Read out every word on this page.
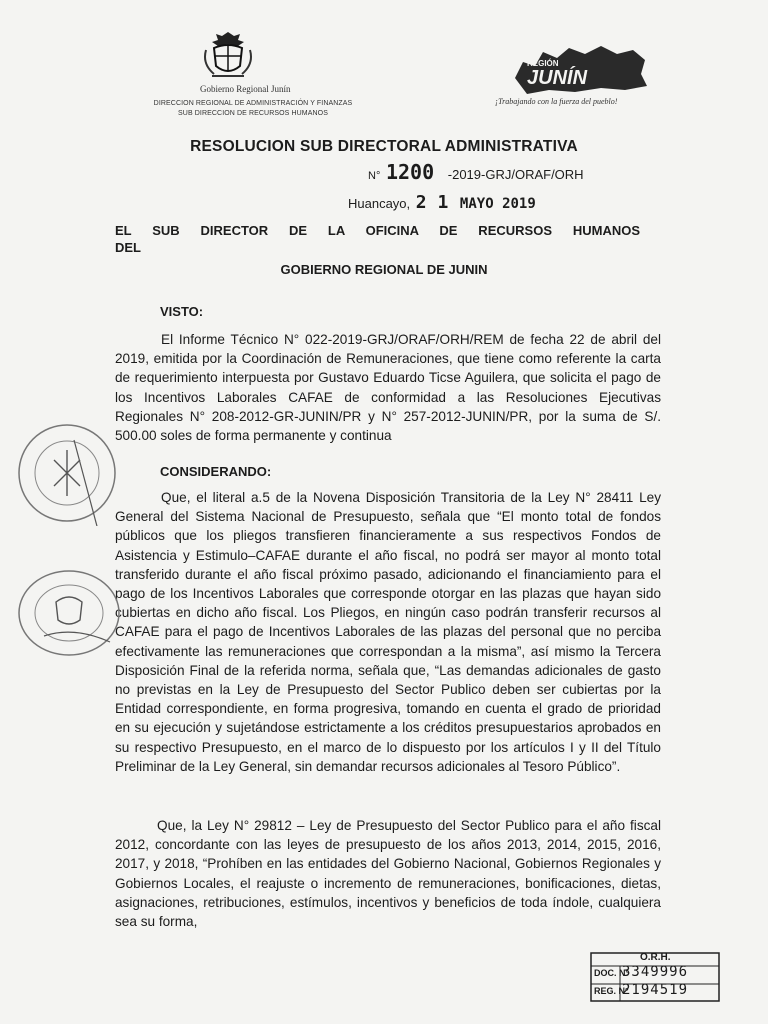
Gobierno Regional Junín
DIRECCION REGIONAL DE ADMINISTRACIÓN Y FINANZAS
SUB DIRECCION DE RECURSOS HUMANOS
REGIÓN
JUNÍN
¡Trabajando con la fuerza del pueblo!
RESOLUCION SUB DIRECTORAL ADMINISTRATIVA
N° 1200 -2019-GRJ/ORAF/ORH
Huancayo, 2 1 MAYO 2019
EL SUB DIRECTOR DE LA OFICINA DE RECURSOS HUMANOS
DEL
GOBIERNO REGIONAL DE JUNIN
VISTO:
El Informe Técnico N° 022-2019-GRJ/ORAF/ORH/REM de fecha 22 de abril del 2019, emitida por la Coordinación de Remuneraciones, que tiene como referente la carta de requerimiento interpuesta por Gustavo Eduardo Ticse Aguilera, que solicita el pago de los Incentivos Laborales CAFAE de conformidad a las Resoluciones Ejecutivas Regionales N° 208-2012-GR-JUNIN/PR y N° 257-2012-JUNIN/PR, por la suma de S/. 500.00 soles de forma permanente y continua
CONSIDERANDO:
Que, el literal a.5 de la Novena Disposición Transitoria de la Ley N° 28411 Ley General del Sistema Nacional de Presupuesto, señala que “El monto total de fondos públicos que los pliegos transfieren financieramente a sus respectivos Fondos de Asistencia y Estimulo–CAFAE durante el año fiscal, no podrá ser mayor al monto total transferido durante el año fiscal próximo pasado, adicionando el financiamiento para el pago de los Incentivos Laborales que corresponde otorgar en las plazas que hayan sido cubiertas en dicho año fiscal. Los Pliegos, en ningún caso podrán transferir recursos al CAFAE para el pago de Incentivos Laborales de las plazas del personal que no perciba efectivamente las remuneraciones que correspondan a la misma”, así mismo la Tercera Disposición Final de la referida norma, señala que, “Las demandas adicionales de gasto no previstas en la Ley de Presupuesto del Sector Publico deben ser cubiertas por la Entidad correspondiente, en forma progresiva, tomando en cuenta el grado de prioridad en su ejecución y sujetándose estrictamente a los créditos presupuestarios aprobados en su respectivo Presupuesto, en el marco de lo dispuesto por los artículos I y II del Título Preliminar de la Ley General, sin demandar recursos adicionales al Tesoro Público”.
Que, la Ley N° 29812 – Ley de Presupuesto del Sector Publico para el año fiscal 2012, concordante con las leyes de presupuesto de los años 2013, 2014, 2015, 2016, 2017, y 2018, “Prohíben en las entidades del Gobierno Nacional, Gobiernos Regionales y Gobiernos Locales, el reajuste o incremento de remuneraciones, bonificaciones, dietas, asignaciones, retribuciones, estímulos, incentivos y beneficios de toda índole, cualquiera sea su forma,
O.R.H.
DOC. N°
3349996
REG. N°
2194519
